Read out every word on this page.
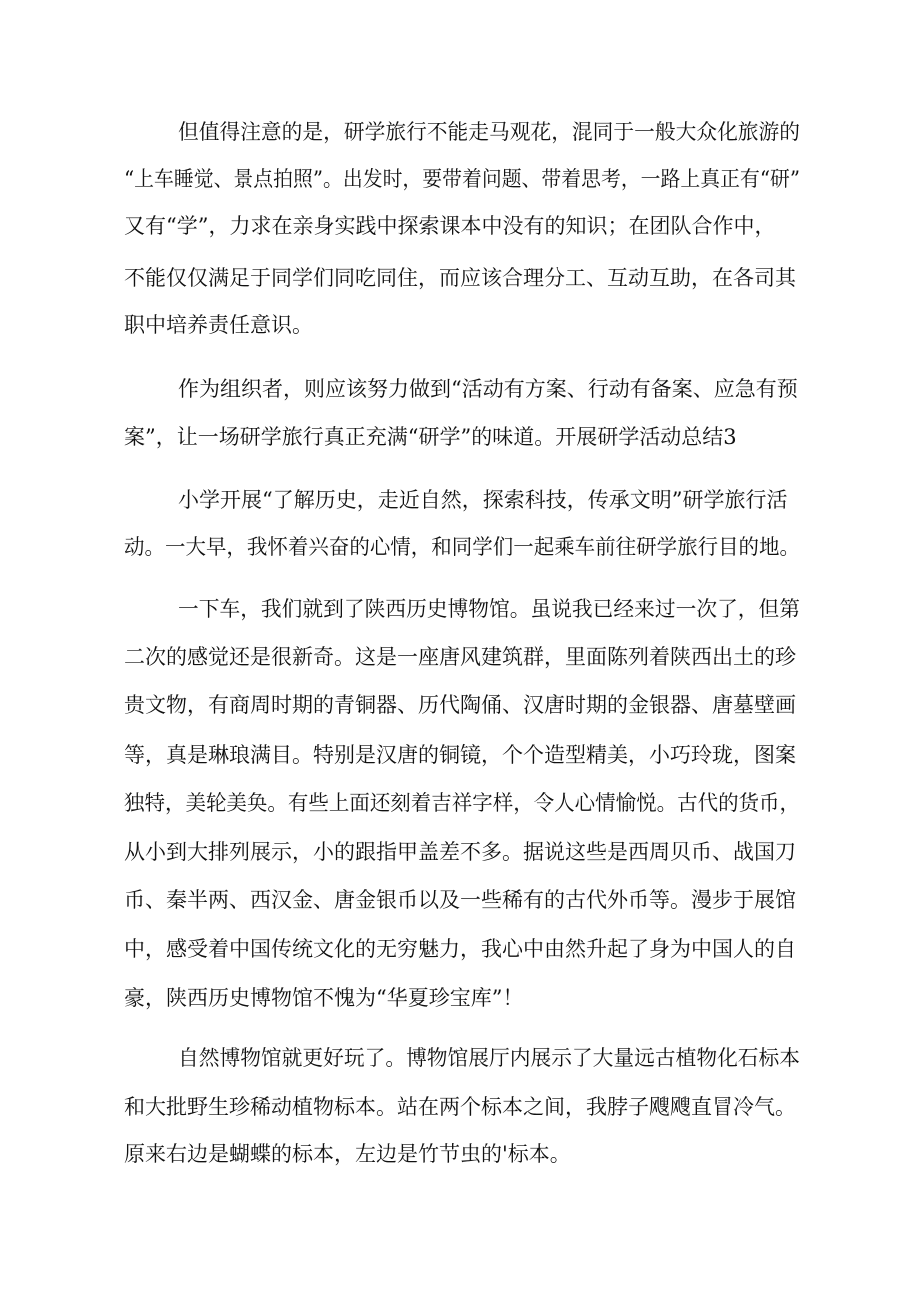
但值得注意的是，研学旅行不能走马观花，混同于一般大众化旅游的
“上车睡觉、景点拍照”。出发时，要带着问题、带着思考，一路上真正有“研”
又有“学”，力求在亲身实践中探索课本中没有的知识；在团队合作中，
不能仅仅满足于同学们同吃同住，而应该合理分工、互动互助，在各司其
职中培养责任意识。
作为组织者，则应该努力做到“活动有方案、行动有备案、应急有预
案”，让一场研学旅行真正充满“研学”的味道。开展研学活动总结3
小学开展“了解历史，走近自然，探索科技，传承文明”研学旅行活
动。一大早，我怀着兴奋的心情，和同学们一起乘车前往研学旅行目的地。
一下车，我们就到了陕西历史博物馆。虽说我已经来过一次了，但第
二次的感觉还是很新奇。这是一座唐风建筑群，里面陈列着陕西出土的珍
贵文物，有商周时期的青铜器、历代陶俑、汉唐时期的金银器、唐墓壁画
等，真是琳琅满目。特别是汉唐的铜镜，个个造型精美，小巧玲珑，图案
独特，美轮美奂。有些上面还刻着吉祥字样，令人心情愉悦。古代的货币，
从小到大排列展示，小的跟指甲盖差不多。据说这些是西周贝币、战国刀
币、秦半两、西汉金、唐金银币以及一些稀有的古代外币等。漫步于展馆
中，感受着中国传统文化的无穷魅力，我心中由然升起了身为中国人的自
豪，陕西历史博物馆不愧为“华夏珍宝库”！
自然博物馆就更好玩了。博物馆展厅内展示了大量远古植物化石标本
和大批野生珍稀动植物标本。站在两个标本之间，我脖子飕飕直冒冷气。
原来右边是蝴蝶的标本，左边是竹节虫的'标本。
